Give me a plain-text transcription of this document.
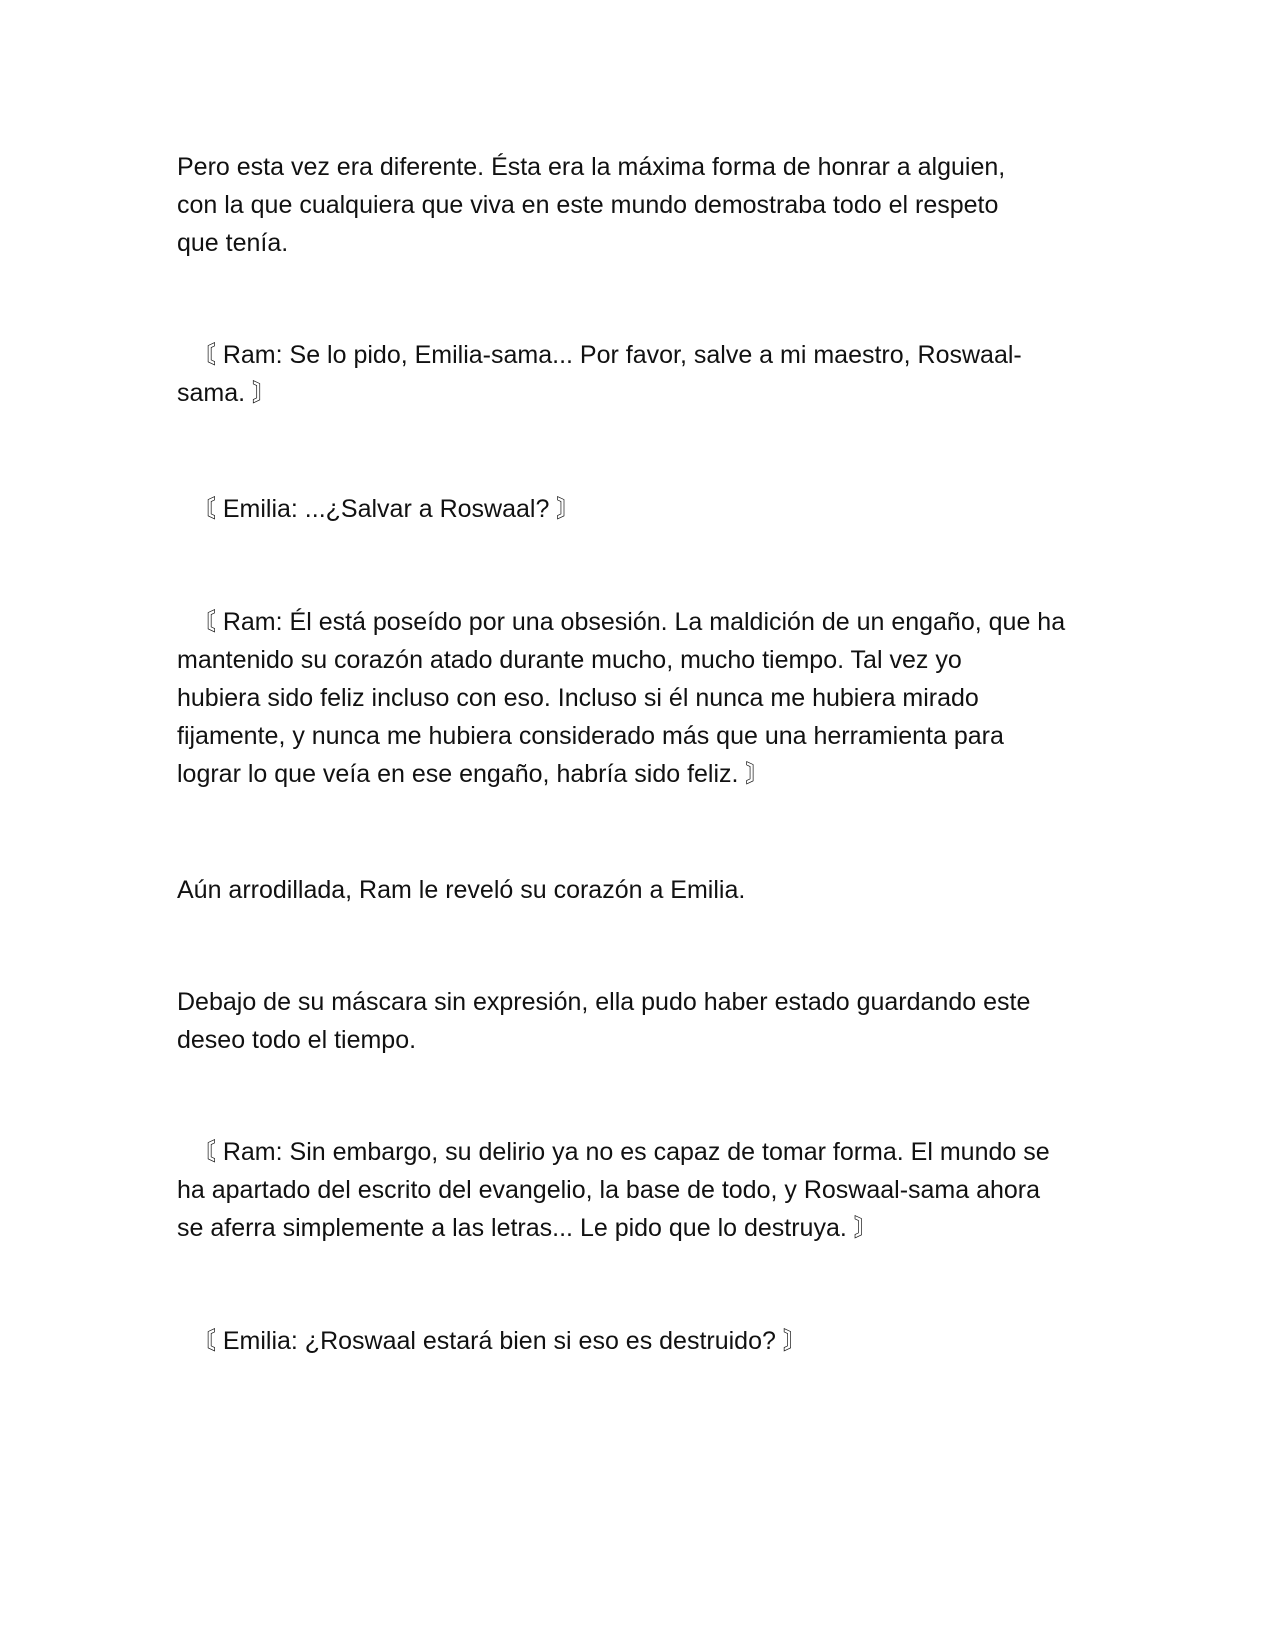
Pero esta vez era diferente. Ésta era la máxima forma de honrar a alguien,
con la que cualquiera que viva en este mundo demostraba todo el respeto
que tenía.

〘 Ram: Se lo pido, Emilia-sama... Por favor, salve a mi maestro, Roswaal-
sama. 〙

〘 Emilia: ...¿Salvar a Roswaal? 〙

〘 Ram: Él está poseído por una obsesión. La maldición de un engaño, que ha
mantenido su corazón atado durante mucho, mucho tiempo. Tal vez yo
hubiera sido feliz incluso con eso. Incluso si él nunca me hubiera mirado
fijamente, y nunca me hubiera considerado más que una herramienta para
lograr lo que veía en ese engaño, habría sido feliz. 〙

Aún arrodillada, Ram le reveló su corazón a Emilia.

Debajo de su máscara sin expresión, ella pudo haber estado guardando este
deseo todo el tiempo.

〘 Ram: Sin embargo, su delirio ya no es capaz de tomar forma. El mundo se
ha apartado del escrito del evangelio, la base de todo, y Roswaal-sama ahora
se aferra simplemente a las letras... Le pido que lo destruya. 〙

〘 Emilia: ¿Roswaal estará bien si eso es destruido? 〙
